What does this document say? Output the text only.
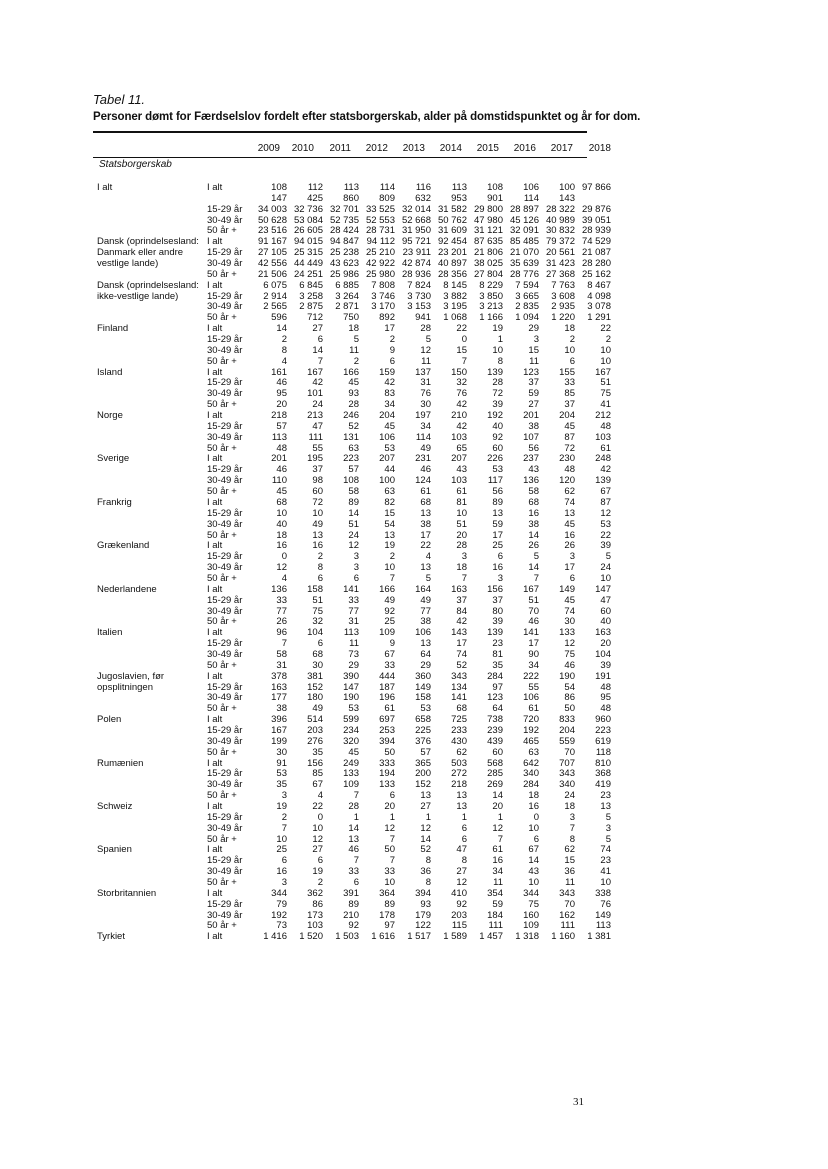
Tabel 11.
Personer dømt for Færdselslov fordelt efter statsborgerskab, alder på domstidspunktet og år for dom.
2009	2010	2011	2012	2013	2014	2015	2016	2017	2018
Statsborgerskab
I alt	I alt	108	112	113	114	116	113	108	106	100	97 866
		147	425	860	809	632	953	901	114	143	
	15-29 år	34 003	32 736	32 701	33 525	32 014	31 582	29 800	28 897	28 322	29 876
	30-49 år	50 628	53 084	52 735	52 553	52 668	50 762	47 980	45 126	40 989	39 051
	50 år +	23 516	26 605	28 424	28 731	31 950	31 609	31 121	32 091	30 832	28 939
Dansk (oprindelsesland:	I alt	91 167	94 015	94 847	94 112	95 721	92 454	87 635	85 485	79 372	74 529
Danmark eller andre	15-29 år	27 105	25 315	25 238	25 210	23 911	23 201	21 806	21 070	20 561	21 087
vestlige lande)	30-49 år	42 556	44 449	43 623	42 922	42 874	40 897	38 025	35 639	31 423	28 280
	50 år +	21 506	24 251	25 986	25 980	28 936	28 356	27 804	28 776	27 368	25 162
Dansk (oprindelsesland:	I alt	6 075	6 845	6 885	7 808	7 824	8 145	8 229	7 594	7 763	8 467
ikke-vestlige lande)	15-29 år	2 914	3 258	3 264	3 746	3 730	3 882	3 850	3 665	3 608	4 098
	30-49 år	2 565	2 875	2 871	3 170	3 153	3 195	3 213	2 835	2 935	3 078
	50 år +	596	712	750	892	941	1 068	1 166	1 094	1 220	1 291
Finland	I alt	14	27	18	17	28	22	19	29	18	22
	15-29 år	2	6	5	2	5	0	1	3	2	2
	30-49 år	8	14	11	9	12	15	10	15	10	10
	50 år +	4	7	2	6	11	7	8	11	6	10
Island	I alt	161	167	166	159	137	150	139	123	155	167
	15-29 år	46	42	45	42	31	32	28	37	33	51
	30-49 år	95	101	93	83	76	76	72	59	85	75
	50 år +	20	24	28	34	30	42	39	27	37	41
Norge	I alt	218	213	246	204	197	210	192	201	204	212
	15-29 år	57	47	52	45	34	42	40	38	45	48
	30-49 år	113	111	131	106	114	103	92	107	87	103
	50 år +	48	55	63	53	49	65	60	56	72	61
Sverige	I alt	201	195	223	207	231	207	226	237	230	248
	15-29 år	46	37	57	44	46	43	53	43	48	42
	30-49 år	110	98	108	100	124	103	117	136	120	139
	50 år +	45	60	58	63	61	61	56	58	62	67
Frankrig	I alt	68	72	89	82	68	81	89	68	74	87
	15-29 år	10	10	14	15	13	10	13	16	13	12
	30-49 år	40	49	51	54	38	51	59	38	45	53
	50 år +	18	13	24	13	17	20	17	14	16	22
Grækenland	I alt	16	16	12	19	22	28	25	26	26	39
	15-29 år	0	2	3	2	4	3	6	5	3	5
	30-49 år	12	8	3	10	13	18	16	14	17	24
	50 år +	4	6	6	7	5	7	3	7	6	10
Nederlandene	I alt	136	158	141	166	164	163	156	167	149	147
	15-29 år	33	51	33	49	49	37	37	51	45	47
	30-49 år	77	75	77	92	77	84	80	70	74	60
	50 år +	26	32	31	25	38	42	39	46	30	40
Italien	I alt	96	104	113	109	106	143	139	141	133	163
	15-29 år	7	6	11	9	13	17	23	17	12	20
	30-49 år	58	68	73	67	64	74	81	90	75	104
	50 år +	31	30	29	33	29	52	35	34	46	39
Jugoslavien, før	I alt	378	381	390	444	360	343	284	222	190	191
opsplitningen	15-29 år	163	152	147	187	149	134	97	55	54	48
	30-49 år	177	180	190	196	158	141	123	106	86	95
	50 år +	38	49	53	61	53	68	64	61	50	48
Polen	I alt	396	514	599	697	658	725	738	720	833	960
	15-29 år	167	203	234	253	225	233	239	192	204	223
	30-49 år	199	276	320	394	376	430	439	465	559	619
	50 år +	30	35	45	50	57	62	60	63	70	118
Rumænien	I alt	91	156	249	333	365	503	568	642	707	810
	15-29 år	53	85	133	194	200	272	285	340	343	368
	30-49 år	35	67	109	133	152	218	269	284	340	419
	50 år +	3	4	7	6	13	13	14	18	24	23
Schweiz	I alt	19	22	28	20	27	13	20	16	18	13
	15-29 år	2	0	1	1	1	1	1	0	3	5
	30-49 år	7	10	14	12	12	6	12	10	7	3
	50 år +	10	12	13	7	14	6	7	6	8	5
Spanien	I alt	25	27	46	50	52	47	61	67	62	74
	15-29 år	6	6	7	7	8	8	16	14	15	23
	30-49 år	16	19	33	33	36	27	34	43	36	41
	50 år +	3	2	6	10	8	12	11	10	11	10
Storbritannien	I alt	344	362	391	364	394	410	354	344	343	338
	15-29 år	79	86	89	89	93	92	59	75	70	76
	30-49 år	192	173	210	178	179	203	184	160	162	149
	50 år +	73	103	92	97	122	115	111	109	111	113
Tyrkiet	I alt	1 416	1 520	1 503	1 616	1 517	1 589	1 457	1 318	1 160	1 381
31
